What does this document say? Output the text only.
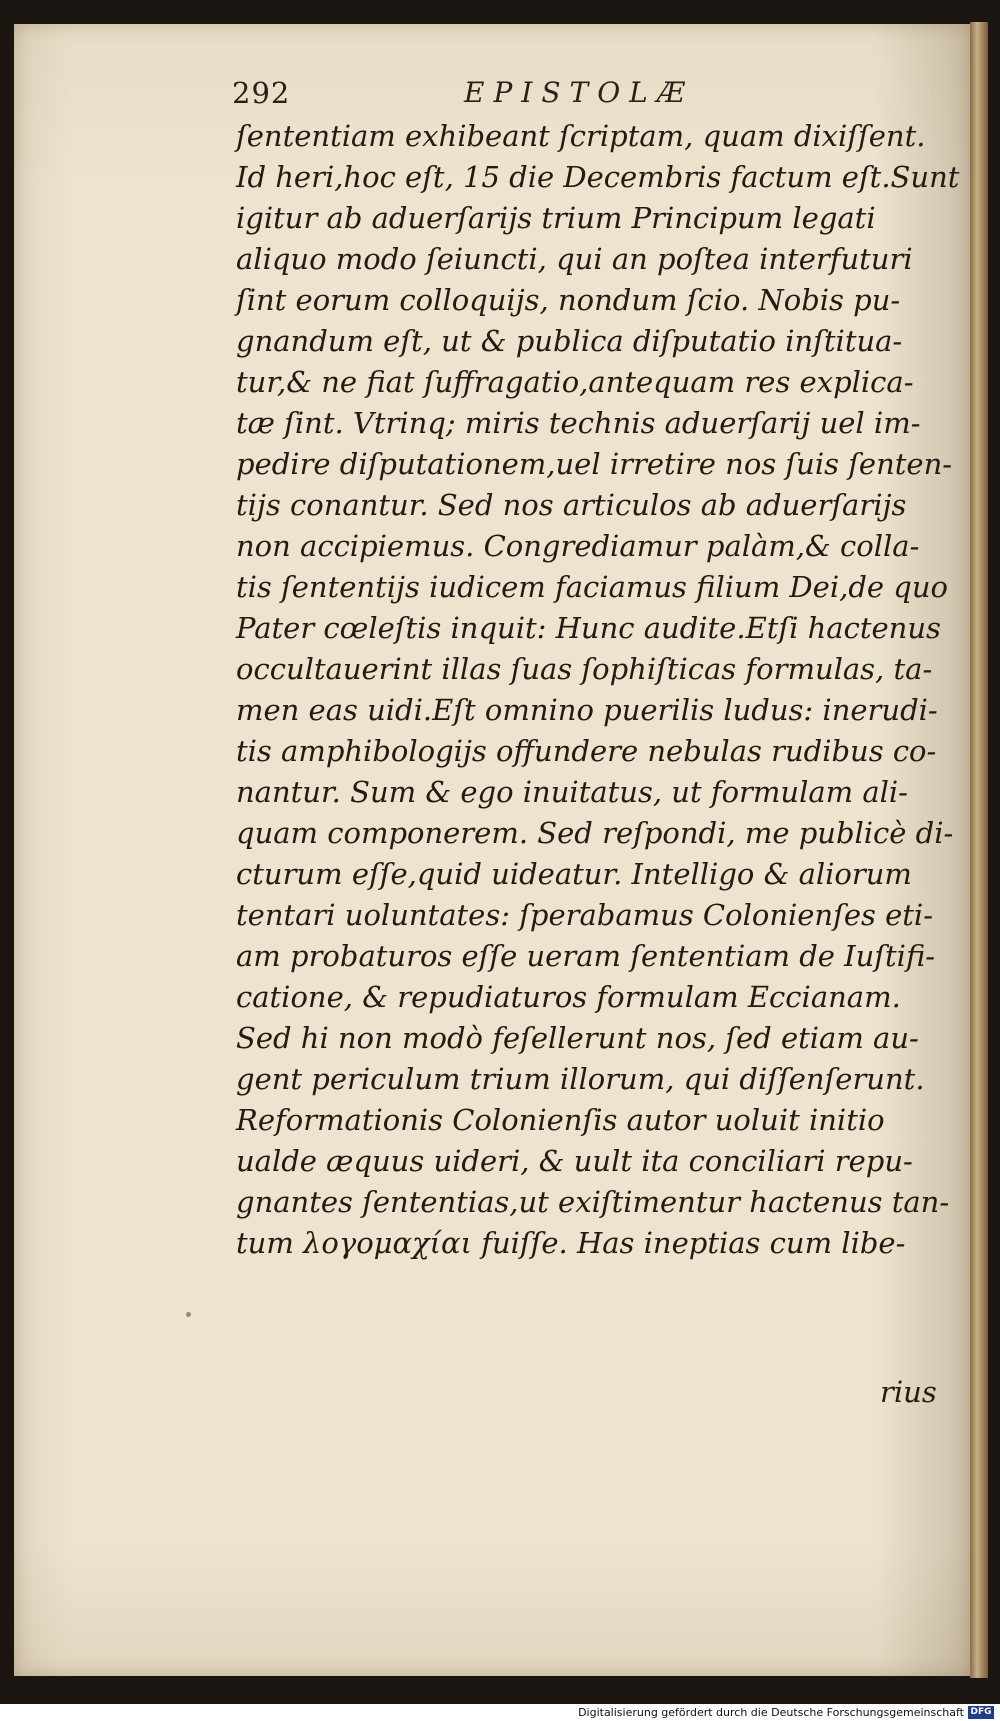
292	EPISTOLÆ
ſententiam exhibeant ſcriptam, quam dixiſſent.
Id heri,hoc eſt, 15 die Decembris factum eſt.Sunt
igitur ab aduerſarijs trium Principum legati
aliquo modo ſeiuncti, qui an poſtea interfuturi
ſint eorum colloquijs, nondum ſcio. Nobis pu-
gnandum eſt, ut & publica diſputatio inſtitua-
tur,& ne fiat ſuffragatio,antequam res explica-
tæ ſint. Vtrinq; miris technis aduerſarij uel im-
pedire diſputationem,uel irretire nos ſuis ſenten-
tijs conantur. Sed nos articulos ab aduerſarijs
non accipiemus. Congrediamur palàm,& colla-
tis ſententijs iudicem faciamus filium Dei,de quo
Pater cœleſtis inquit: Hunc audite.Etſi hactenus
occultauerint illas ſuas ſophiſticas formulas, ta-
men eas uidi.Eſt omnino puerilis ludus: inerudi-
tis amphibologijs offundere nebulas rudibus co-
nantur. Sum & ego inuitatus, ut formulam ali-
quam componerem. Sed reſpondi, me publicè di-
cturum eſſe,quid uideatur. Intelligo & aliorum
tentari uoluntates: ſperabamus Colonienſes eti-
am probaturos eſſe ueram ſententiam de Iuſtifi-
catione, & repudiaturos formulam Eccianam.
Sed hi non modò feſellerunt nos, ſed etiam au-
gent periculum trium illorum, qui diſſenſerunt.
Reformationis Colonienſis autor uoluit initio
ualde æquus uideri, & uult ita conciliari repu-
gnantes ſententias,ut exiſtimentur hactenus tan-
tum λογομαχίαι fuiſſe. Has ineptias cum libe-
rius
Digitalisierung gefördert durch die Deutsche Forschungsgemeinschaft DFG
